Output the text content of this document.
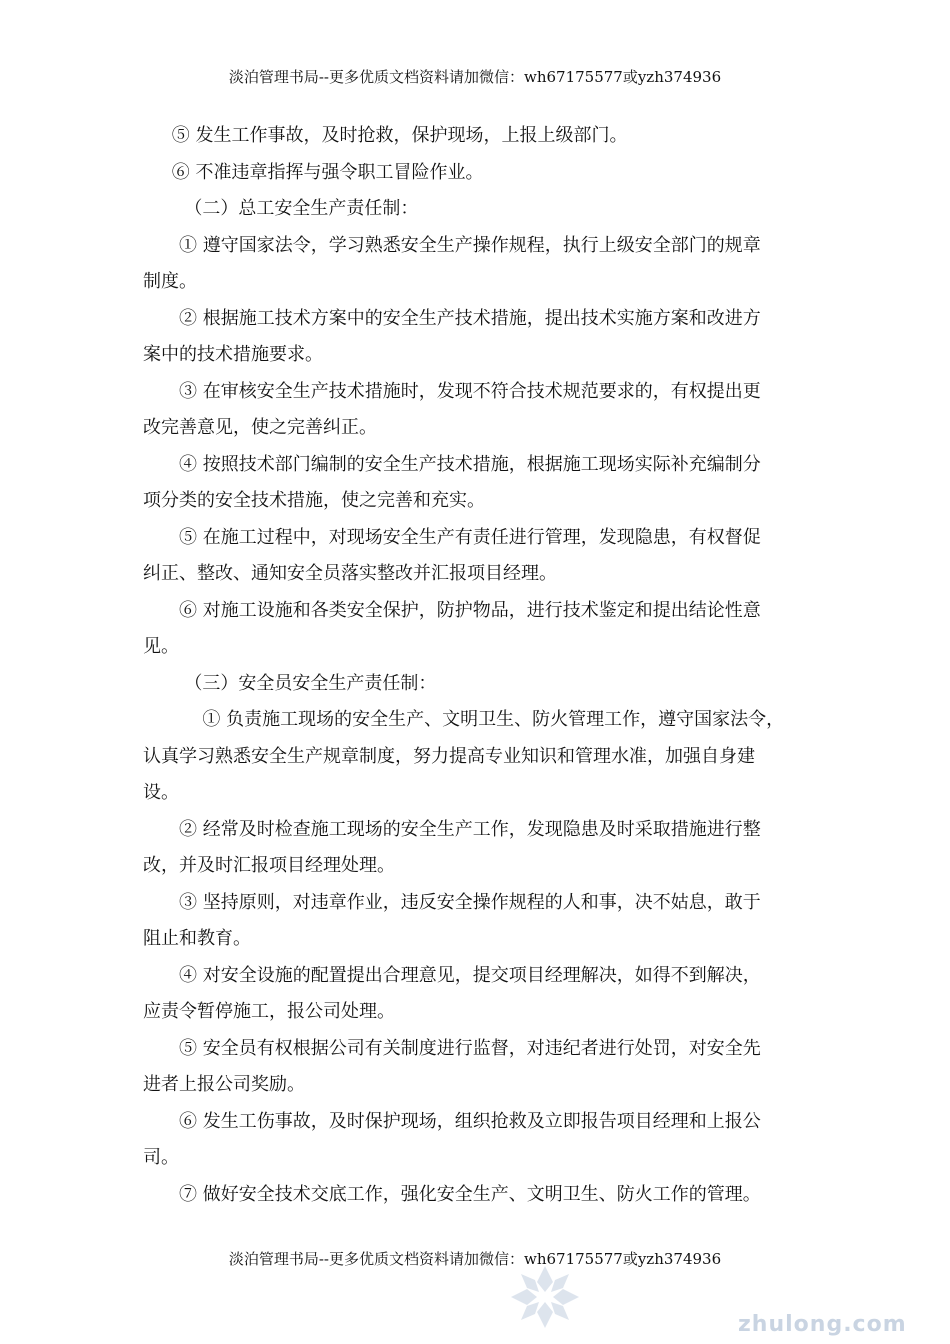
淡泊管理书局--更多优质文档资料请加微信：wh67175577或yzh374936
⑤ 发生工作事故，及时抢救，保护现场，上报上级部门。
⑥ 不准违章指挥与强令职工冒险作业。
（二）总工安全生产责任制：
① 遵守国家法令，学习熟悉安全生产操作规程，执行上级安全部门的规章
制度。
② 根据施工技术方案中的安全生产技术措施，提出技术实施方案和改进方
案中的技术措施要求。
③ 在审核安全生产技术措施时，发现不符合技术规范要求的，有权提出更
改完善意见，使之完善纠正。
④ 按照技术部门编制的安全生产技术措施，根据施工现场实际补充编制分
项分类的安全技术措施，使之完善和充实。
⑤ 在施工过程中，对现场安全生产有责任进行管理，发现隐患，有权督促
纠正、整改、通知安全员落实整改并汇报项目经理。
⑥ 对施工设施和各类安全保护，防护物品，进行技术鉴定和提出结论性意
见。
（三）安全员安全生产责任制：
① 负责施工现场的安全生产、文明卫生、防火管理工作，遵守国家法令，
认真学习熟悉安全生产规章制度，努力提高专业知识和管理水准，加强自身建
设。
② 经常及时检查施工现场的安全生产工作，发现隐患及时采取措施进行整
改，并及时汇报项目经理处理。
③ 坚持原则，对违章作业，违反安全操作规程的人和事，决不姑息，敢于
阻止和教育。
④ 对安全设施的配置提出合理意见，提交项目经理解决，如得不到解决，
应责令暂停施工，报公司处理。
⑤ 安全员有权根据公司有关制度进行监督，对违纪者进行处罚，对安全先
进者上报公司奖励。
⑥ 发生工伤事故，及时保护现场，组织抢救及立即报告项目经理和上报公
司。
⑦ 做好安全技术交底工作，强化安全生产、文明卫生、防火工作的管理。
淡泊管理书局--更多优质文档资料请加微信：wh67175577或yzh374936
zhulong.com
